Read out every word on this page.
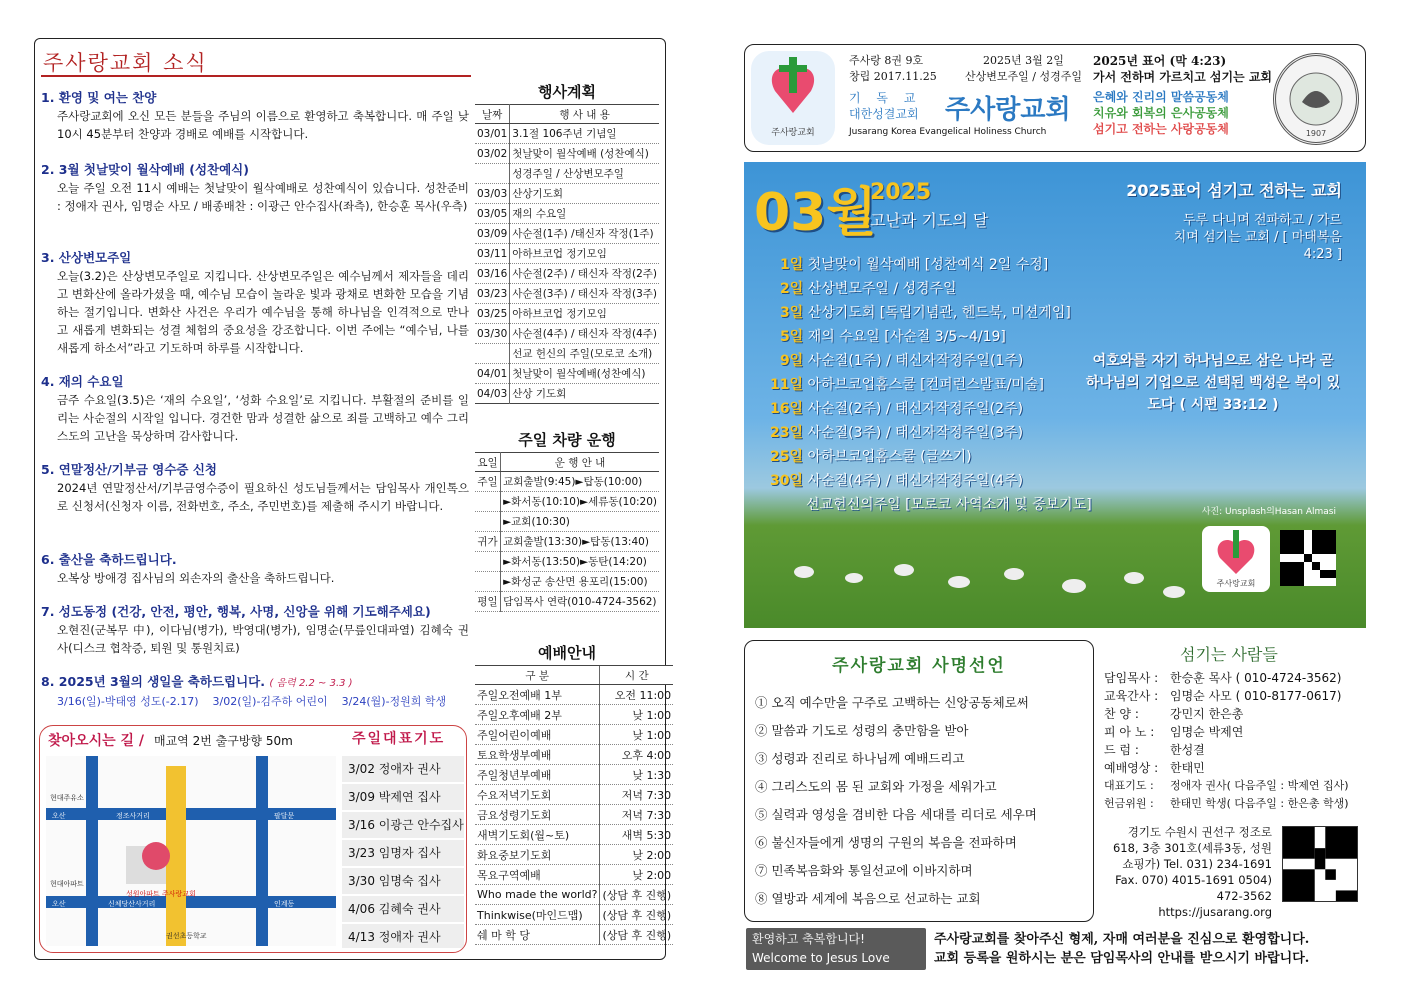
주사랑교회 소식
1. 환영 및 여는 찬양
주사랑교회에 오신 모든 분들을 주님의 이름으로 환영하고 축복합니다. 매 주일 낮 10시 45분부터 찬양과 경배로 예배를 시작합니다.
2. 3월 첫날맞이 월삭예배 (성찬예식)
오늘 주일 오전 11시 예배는 첫날맞이 월삭예배로 성찬예식이 있습니다. 성찬준비 : 정애자 권사, 임명순 사모 / 배종배찬 : 이광근 안수집사(좌측), 한승훈 목사(우측)
3. 산상변모주일
오늘(3.2)은 산상변모주일로 지킵니다. 산상변모주일은 예수님께서 제자들을 데리고 변화산에 올라가셨을 때, 예수님 모습이 놀라운 빛과 광채로 변화한 모습을 기념하는 절기입니다. 변화산 사건은 우리가 예수님을 통해 하나님을 인격적으로 만나고 새롭게 변화되는 성결 체험의 중요성을 강조합니다. 이번 주에는 “예수님, 나를 새롭게 하소서”라고 기도하며 하루를 시작합니다.
4. 재의 수요일
금주 수요일(3.5)은 ‘재의 수요일’, ‘성화 수요일’로 지킵니다. 부활절의 준비를 일리는 사순절의 시작일 입니다. 경건한 맘과 성결한 삶으로 죄를 고백하고 예수 그리스도의 고난을 묵상하며 감사합니다.
5. 연말정산/기부금 영수증 신청
2024년 연말정산서/기부금영수증이 필요하신 성도님들께서는 담임목사 개인톡으로 신청서(신청자 이름, 전화번호, 주소, 주민번호)를 제출해 주시기 바랍니다.
6. 출산을 축하드립니다.
오복상 방애경 집사님의 외손자의 출산을 축하드립니다.
7. 성도동정 (건강, 안전, 평안, 행복, 사명, 신앙을 위해 기도해주세요)
오현진(군복무 中), 이다님(병가), 박영대(병가), 임명순(무릎인대파열) 김혜숙 권사(디스크 협착증, 퇴원 및 통원치료)
8. 2025년 3월의 생일을 축하드립니다. ( 음력 2.2 ~ 3.3 )
3/16(일)-박태영 성도(-2.17)    3/02(일)-김주하 어린이    3/24(월)-정원희 학생
행사계획
날짜	행 사 내 용
03/01	3.1절 106주년 기념일
03/02	첫날맞이 월삭예배 (성찬예식)
	성경주일 / 산상변모주일
03/03	산상기도회
03/05	재의 수요일
03/09	사순절(1주) /태신자 작정(1주)
03/11	아하브코업 정기모임
03/16	사순절(2주) / 태신자 작정(2주)
03/23	사순절(3주) / 태신자 작정(3주)
03/25	아하브코업 정기모임
03/30	사순절(4주) / 태신자 작정(4주)
	선교 헌신의 주일(모로코 소개)
04/01	첫날맞이 월삭예배(성찬예식)
04/03	산상 기도회
주일 차량 운행
요일	운 행 안 내
주일	교회출발(9:45)►탑동(10:00)
	►화서동(10:10)►세류동(10:20)
	►교회(10:30)
귀가	교회출발(13:30)►탑동(13:40)
	►화서동(13:50)►동탄(14:20)
	►화성군 송산면 용포리(15:00)
평일	담임목사 연락(010-4724-3562)
예배안내
구 분	시 간
주일오전예배 1부	오전 11:00
주일오후예배 2부	낮 1:00
주일어린이예배	낮 1:00
토요학생부예배	오후 4:00
주일청년부예배	낮 1:30
수요저녁기도회	저녁 7:30
금요성령기도회	저녁 7:30
새벽기도회(월~토)	새벽 5:30
화요중보기도회	낮 2:00
목요구역예배	낮 2:00
Who made the world?	(상담 후 진행)
Thinkwise(마인드맵)	(상담 후 진행)
쉐 마 학 당	(상담 후 진행)
찾아오시는 길 / 매교역 2번 출구방향 50m
오산	정조사거리	팔달문
오산	신체당산사거리	인계동
성원아파트 주사랑교회
권선초등학교
현대주유소
현대아파트
주일대표기도
3/02 정애자 권사
3/09 박제연 집사
3/16 이광근 안수집사
3/23 임명자 집사
3/30 임명숙 집사
4/06 김혜숙 권사
4/13 정애자 권사
주사랑교회
주사랑 8권 9호
창립 2017.11.25
2025년 3월 2일
산상변모주일 / 성경주일
2025년 표어 (막 4:23)
가서 전하며 가르치고 섬기는 교회
기 독 교
대한성결교회 주사랑교회
Jusarang Korea Evangelical Holiness Church
은혜와 진리의 말씀공동체
치유와 회복의 은사공동체
섬기고 전하는 사랑공동체	1907
03월
2025
고난과 기도의 달
2025표어 섬기고 전하는 교회
두루 다니며 전파하고 / 가르치며 섬기는 교회 / [ 마태복음 4:23 ]
1일 첫날맞이 월삭예배 [성찬예식 2일 수정]
2일 산상변모주일 / 성경주일
3일 산상기도회 [독립기념관, 헨드북, 미션게임]
5일 재의 수요일 [사순절 3/5~4/19]
9일 사순절(1주) / 태신자작정주일(1주)
11일 아하브코업홈스쿨 [컨퍼런스발표/미술]
16일 사순절(2주) / 태신자작정주일(2주)
23일 사순절(3주) / 태신자작정주일(3주)
25일 아하브코업홈스쿨 (글쓰기)
30일 사순절(4주) / 태신자작정주일(4주)
선교헌신의주일 [모로코 사역소개 및 중보기도]
여호와를 자기 하나님으로 삼은 나라 곧 하나님의 기업으로 선택된 백성은 복이 있도다 ( 시편 33:12 )
사진: Unsplash의Hasan Almasi
주사랑교회
주사랑교회 사명선언
① 오직 예수만을 구주로 고백하는 신앙공동체로써
② 말씀과 기도로 성령의 충만함을 받아
③ 성령과 진리로 하나님께 예배드리고
④ 그리스도의 몸 된 교회와 가정을 세워가고
⑤ 실력과 영성을 겸비한 다음 세대를 리더로 세우며
⑥ 불신자들에게 생명의 구원의 복음을 전파하며
⑦ 민족복음화와 통일선교에 이바지하며
⑧ 열방과 세계에 복음으로 선교하는 교회
섬기는 사람들
담임목사 : 한승훈 목사 ( 010-4724-3562)
교육간사 : 임명순 사모 ( 010-8177-0617)
찬 양 :	강민지 한은총
피 아 노 : 임명순 박제연
드 럼 :	한성결
예배영상 : 한태민
대표기도 : 정애자 권사( 다음주일 : 박제연 집사)
헌금위원 : 한태민 학생( 다음주일 : 한은총 학생)
경기도 수원시 권선구 정조로 618, 3층 301호(세류3동, 성원쇼핑가) Tel. 031) 234-1691 Fax. 070) 4015-1691 0504) 472-3562 https://jusarang.org
환영하고 축복합니다!
Welcome to Jesus Love Church
주사랑교회를 찾아주신 형제, 자매 여러분을 진심으로 환영합니다.
교회 등록을 원하시는 분은 담임목사의 안내를 받으시기 바랍니다.
